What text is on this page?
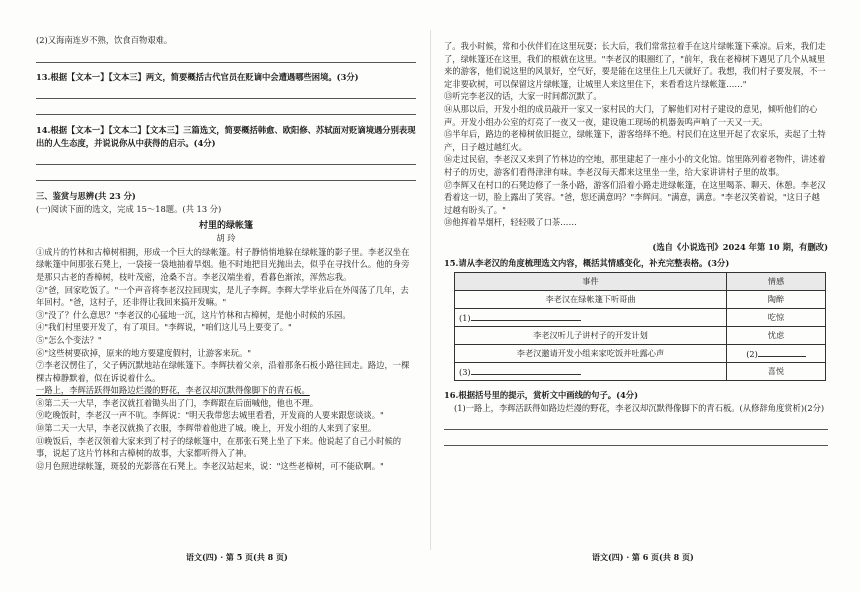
(2)又海南连岁不熟，饮食百物艰难。

13.根据【文本一】【文本三】两文，简要概括古代官员在贬谪中会遭遇哪些困境。(3分)

14.根据【文本一】【文本二】【文本三】三篇选文，简要概括韩愈、欧阳修、苏轼面对贬谪境遇分别表现

出的人生态度，并说说你从中获得的启示。(4分)

三、鉴赏与思辨(共 23 分)

(一)阅读下面的选文，完成 15～18题。(共 13 分)

村里的绿帐篷

胡 玲

①成片的竹林和古樟树相拥，形成一个巨大的绿帐篷。村子静悄悄地躲在绿帐篷的影子里。李老汉坐在绿帐篷中间那张石凳上，一袋接一袋地抽着旱烟。他不时地把目光抛出去，似乎在寻找什么。他的身旁是那只古老的香樟树，枝叶茂密，沧桑不言。李老汉端坐着，看暮色渐浓，浑然忘我。

②"爸，回家吃饭了。"一个声音将李老汉拉回现实，是儿子李辉。李辉大学毕业后在外闯荡了几年，去年回村。"爸，这村子，还非得让我回来搞开发嘛。"

③"没了？什么意思？"李老汉的心猛地一沉，这片竹林和古樟树，是他小时候的乐园。

④"我们村里要开发了，有了项目。"李辉说，"咱们这儿马上要变了。"

⑤"怎么个变法？"

⑥"这些树要砍掉，原来的地方要建度假村，让游客来玩。"

⑦李老汉愣住了，父子俩沉默地站在绿帐篷下。李辉扶着父亲，沿着那条石板小路往回走。路边，一棵棵古樟静默着，似在诉说着什么。

一路上，李辉活跃得如路边烂漫的野花，李老汉却沉默得像脚下的青石板。

⑧第二天一大早，李老汉就扛着锄头出了门，李辉跟在后面喊他，他也不理。

⑨吃晚饭时，李老汉一声不吭。李辉说："明天我带您去城里看看，开发商的人要来跟您谈谈。"

⑩第二天一大早，李老汉就换了衣服，李辉带着他进了城。晚上，开发小组的人来到了家里。

⑪晚饭后，李老汉领着大家来到了村子的绿帐篷中，在那张石凳上坐了下来。他说起了自己小时候的事，说起了这片竹林和古樟树的故事，大家都听得入了神。

⑫月色照进绿帐篷，斑驳的光影落在石凳上。李老汉站起来，说："这些老樟树，可不能砍啊。"

语文(四) · 第 5 页(共 8 页)

了。我小时候，常和小伙伴们在这里玩耍；长大后，我们常常拉着手在这片绿帐篷下乘凉。后来，我们走了，绿帐篷还在这里，我们的根就在这里。"李老汉的眼圈红了，"前年，我在老樟树下遇见了几个从城里来的游客，他们说这里的风景好，空气好，要是能在这里住上几天就好了。我想，我们村子要发展，不一定非要砍树，可以保留这片绿帐篷，让城里人来这里住下，来看看这片绿帐篷……"

⑬听完李老汉的话，大家一时间都沉默了。

⑭从那以后，开发小组的成员敲开一家又一家村民的大门，了解他们对村子建设的意见，倾听他们的心声。开发小组办公室的灯亮了一夜又一夜，建设施工现场的机器轰鸣声响了一天又一天。

⑮半年后，路边的老樟树依旧挺立，绿帐篷下，游客络绎不绝。村民们在这里开起了农家乐，卖起了土特产，日子越过越红火。

⑯走过民宿，李老汉又来到了竹林边的空地，那里建起了一座小小的文化馆。馆里陈列着老物件，讲述着村子的历史，游客们看得津津有味。李老汉每天都来这里坐一坐，给大家讲讲村子里的故事。

⑰李辉又在村口的石凳边修了一条小路，游客们沿着小路走进绿帐篷，在这里喝茶、聊天、休憩。李老汉看着这一切，脸上露出了笑容。"爸，您还满意吗？"李辉问。"满意，满意。"李老汉笑着说，"这日子越过越有盼头了。"

⑱他挥着旱烟杆，轻轻吸了口茶……

(选自《小说选刊》2024 年第 10 期，有删改)

15.请从李老汉的角度梳理选文内容，概括其情感变化，补充完整表格。(3分)

事件	情感
李老汉在绿帐篷下听哥曲	陶醉
(1)	吃惊
李老汉听儿子讲村子的开发计划	忧虑
李老汉邀请开发小组来家吃饭并吐露心声	(2)
(3)	喜悦

16.根据括号里的提示，赏析文中画线的句子。(4分)

(1)一路上，李辉活跃得如路边烂漫的野花，李老汉却沉默得像脚下的青石板。(从修辞角度赏析)(2分)

语文(四) · 第 6 页(共 8 页)
